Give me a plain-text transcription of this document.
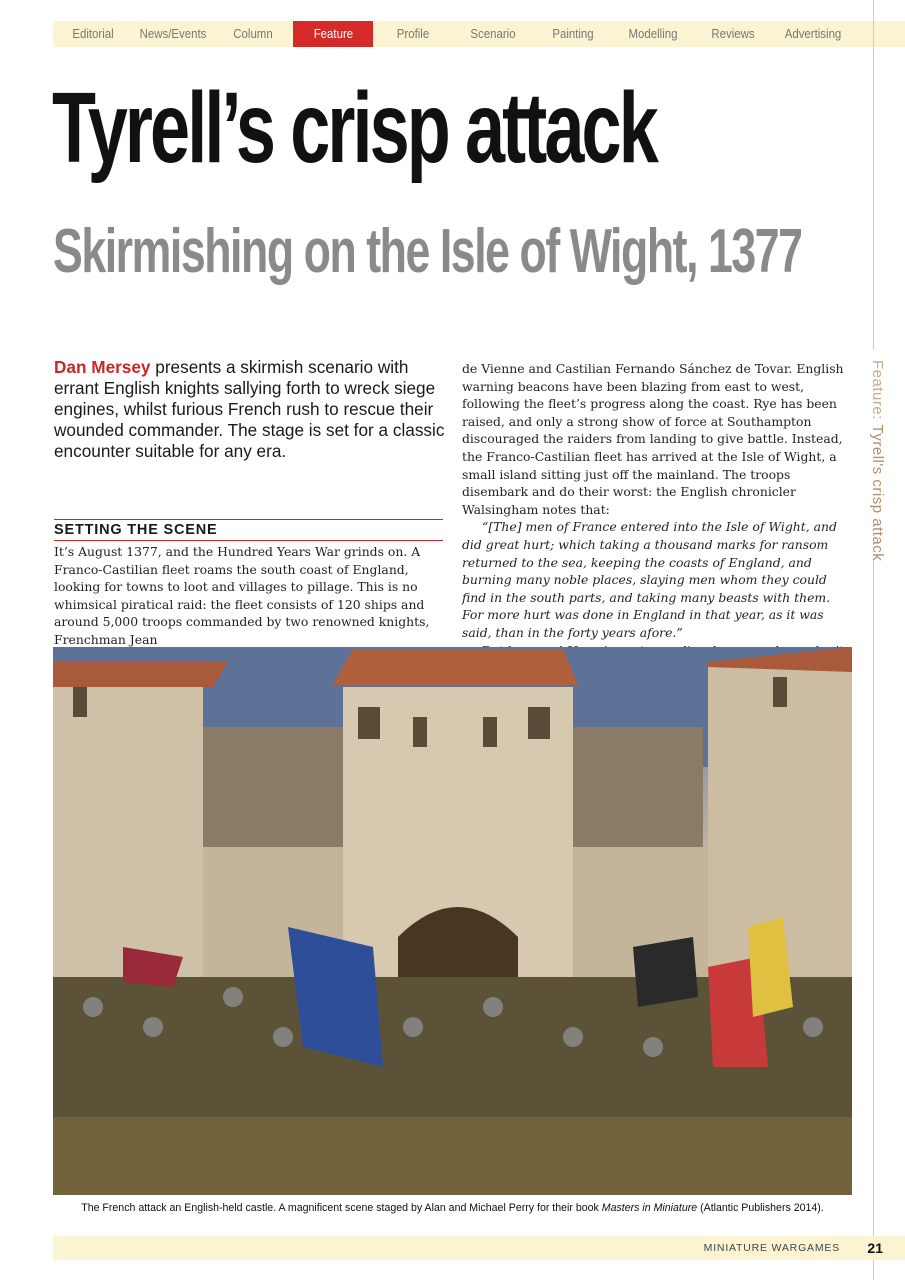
Editorial	News/Events	Column	Feature	Profile	Scenario	Painting	Modelling	Reviews	Advertising
Feature: Tyrell's crisp attack
Tyrell’s crisp attack
Skirmishing on the Isle of Wight, 1377
Dan Mersey presents a skirmish scenario with errant English knights sallying forth to wreck siege engines, whilst furious French rush to rescue their wounded commander. The stage is set for a classic encounter suitable for any era.
SETTING THE SCENE

It’s August 1377, and the Hundred Years War grinds on. A Franco-Castilian fleet roams the south coast of England, looking for towns to loot and villages to pillage. This is no whimsical piratical raid: the fleet consists of 120 ships and around 5,000 troops commanded by two renowned knights, Frenchman Jean

de Vienne and Castilian Fernando Sánchez de Tovar. English warning beacons have been blazing from east to west, following the fleet’s progress along the coast. Rye has been raised, and only a strong show of force at Southampton discouraged the raiders from landing to give battle. Instead, the Franco-Castilian fleet has arrived at the Isle of Wight, a small island sitting just off the mainland. The troops disembark and do their worst: the English chronicler Walsingham notes that:

“[The] men of France entered into the Isle of Wight, and did great hurt; which taking a thousand marks for ransom returned to the sea, keeping the coasts of England, and burning many noble places, slaying men whom they could find in the south parts, and taking many beasts with them. For more hurt was done in England in that year, as it was said, than in the forty years afore.”

The French attack an English-held castle. A magnificent scene staged by Alan and Michael Perry for their book Masters in Miniature (Atlantic Publishers 2014).
MINIATURE WARGAMES 21
